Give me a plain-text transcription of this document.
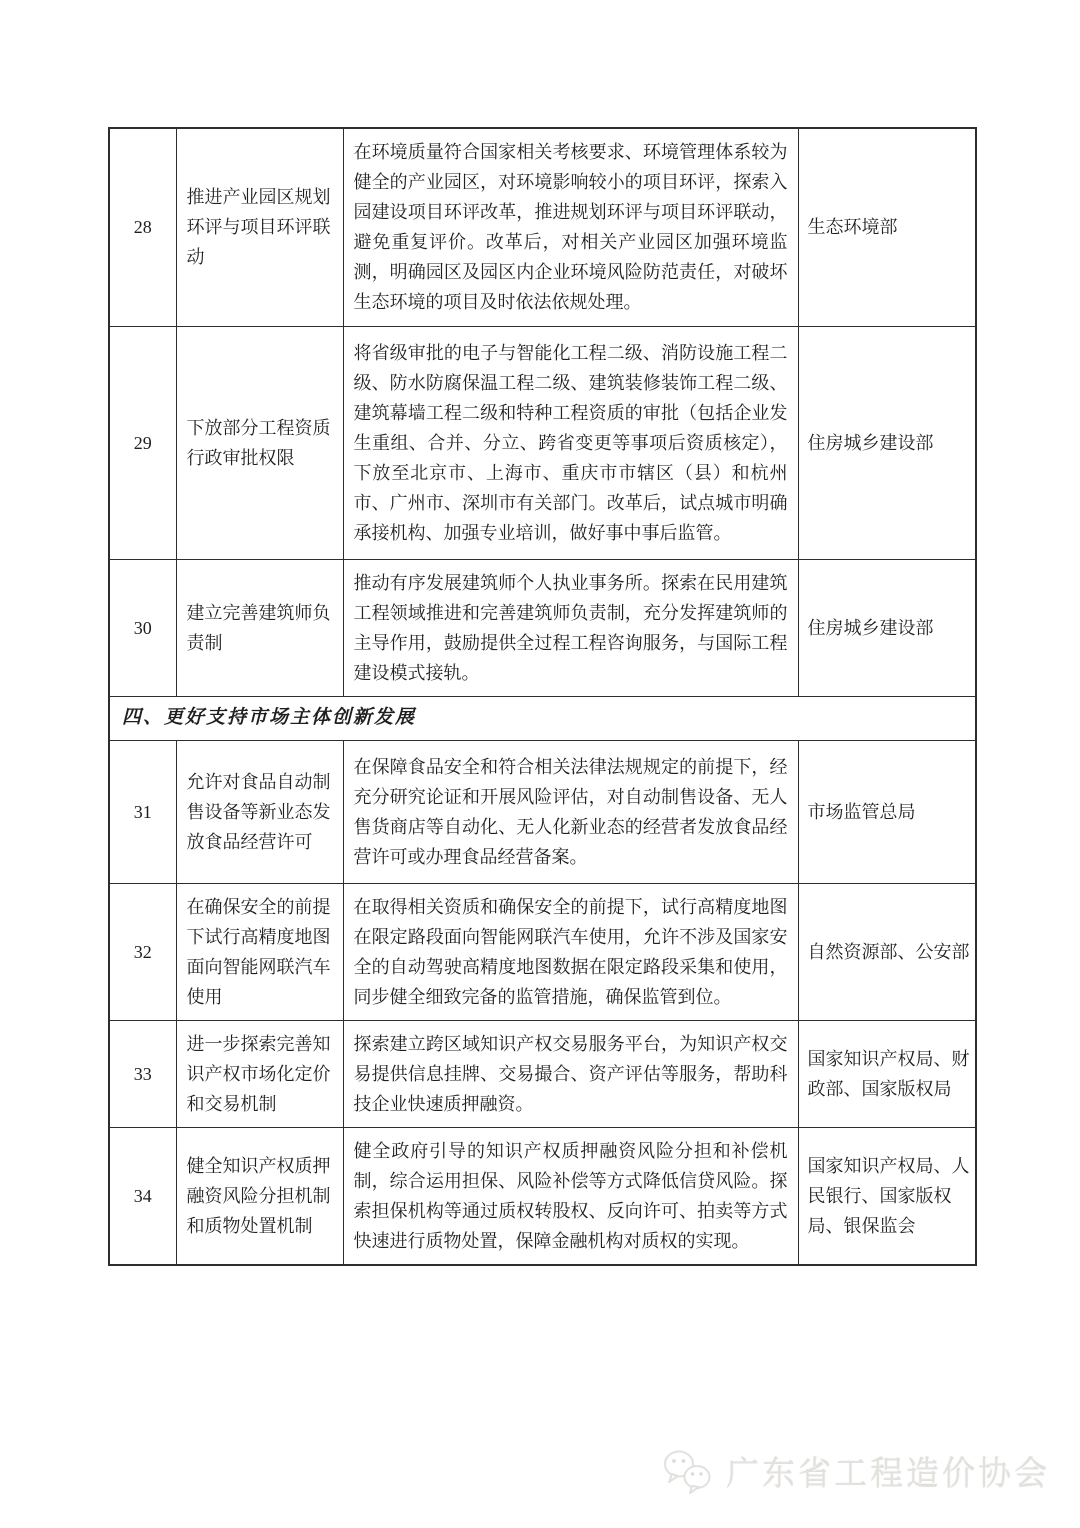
28	推进产业园区规划环评与项目环评联动	在环境质量符合国家相关考核要求、环境管理体系较为健全的产业园区，对环境影响较小的项目环评，探索入园建设项目环评改革，推进规划环评与项目环评联动，避免重复评价。改革后，对相关产业园区加强环境监测，明确园区及园区内企业环境风险防范责任，对破坏生态环境的项目及时依法依规处理。	生态环境部
29	下放部分工程资质行政审批权限	将省级审批的电子与智能化工程二级、消防设施工程二级、防水防腐保温工程二级、建筑装修装饰工程二级、建筑幕墙工程二级和特种工程资质的审批（包括企业发生重组、合并、分立、跨省变更等事项后资质核定），下放至北京市、上海市、重庆市市辖区（县）和杭州市、广州市、深圳市有关部门。改革后，试点城市明确承接机构、加强专业培训，做好事中事后监管。	住房城乡建设部
30	建立完善建筑师负责制	推动有序发展建筑师个人执业事务所。探索在民用建筑工程领域推进和完善建筑师负责制，充分发挥建筑师的主导作用，鼓励提供全过程工程咨询服务，与国际工程建设模式接轨。	住房城乡建设部
四、更好支持市场主体创新发展			
31	允许对食品自动制售设备等新业态发放食品经营许可	在保障食品安全和符合相关法律法规规定的前提下，经充分研究论证和开展风险评估，对自动制售设备、无人售货商店等自动化、无人化新业态的经营者发放食品经营许可或办理食品经营备案。	市场监管总局
32	在确保安全的前提下试行高精度地图面向智能网联汽车使用	在取得相关资质和确保安全的前提下，试行高精度地图在限定路段面向智能网联汽车使用，允许不涉及国家安全的自动驾驶高精度地图数据在限定路段采集和使用，同步健全细致完备的监管措施，确保监管到位。	自然资源部、公安部
33	进一步探索完善知识产权市场化定价和交易机制	探索建立跨区域知识产权交易服务平台，为知识产权交易提供信息挂牌、交易撮合、资产评估等服务，帮助科技企业快速质押融资。	国家知识产权局、财政部、国家版权局
34	健全知识产权质押融资风险分担机制和质物处置机制	健全政府引导的知识产权质押融资风险分担和补偿机制，综合运用担保、风险补偿等方式降低信贷风险。探索担保机构等通过质权转股权、反向许可、拍卖等方式快速进行质物处置，保障金融机构对质权的实现。	国家知识产权局、人民银行、国家版权局、银保监会
广东省工程造价协会
